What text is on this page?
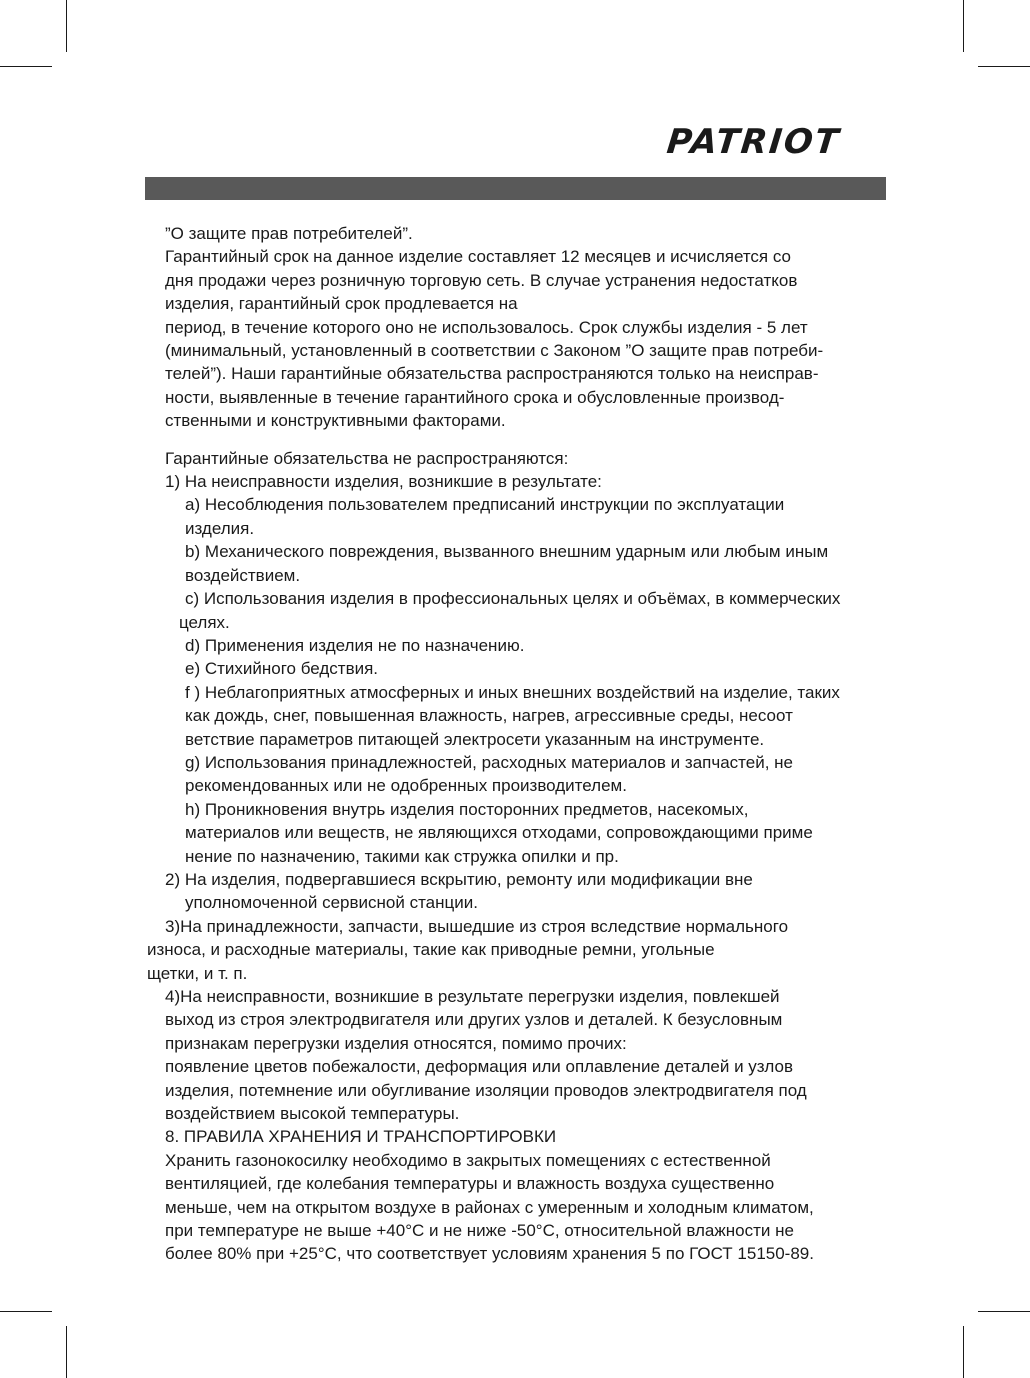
PATRIOT

”О защите прав потребителей”.

Гарантийный срок на данное изделие составляет 12 месяцев и исчисляется со

дня продажи через розничную торговую сеть. В случае устранения недостатков

изделия, гарантийный срок продлевается на

период, в течение которого оно не использовалось. Срок службы изделия - 5 лет

(минимальный, установленный в соответствии с Законом ”О защите прав потреби-

телей”). Наши гарантийные обязательства распространяются только на неисправ-

ности, выявленные в течение гарантийного срока и обусловленные производ-

ственными и конструктивными факторами.

Гарантийные обязательства не распространяются:

1) На неисправности изделия, возникшие в результате:

а) Несоблюдения пользователем предписаний инструкции по эксплуатации

изделия.

b) Механического повреждения, вызванного внешним ударным или любым иным

воздействием.

с) Использования изделия в профессиональных целях и объёмах, в коммерческих

целях.

d) Применения изделия не по назначению.

е) Стихийного бедствия.

f ) Неблагоприятных атмосферных и иных внешних воздействий на изделие, таких

как дождь, снег, повышенная влажность, нагрев, агрессивные среды, несоот

ветствие параметров питающей электросети указанным на инструменте.

g) Использования принадлежностей, расходных материалов и запчастей, не

рекомендованных или не одобренных производителем.

h) Проникновения внутрь изделия посторонних предметов, насекомых,

материалов или веществ, не являющихся отходами, сопровождающими приме

нение по назначению, такими как стружка опилки и пр.

2) На изделия, подвергавшиеся вскрытию, ремонту или модификации вне

уполномоченной сервисной станции.

3)На принадлежности, запчасти, вышедшие из строя вследствие нормального

износа, и расходные материалы, такие как приводные ремни, угольные

щетки, и т. п.

4)На неисправности, возникшие в результате перегрузки изделия, повлекшей

выход из строя электродвигателя или других узлов и деталей. К безусловным

признакам перегрузки изделия относятся, помимо прочих:

появление цветов побежалости, деформация или оплавление деталей и узлов

изделия, потемнение или обугливание изоляции проводов электродвигателя под

воздействием высокой температуры.

8. ПРАВИЛА ХРАНЕНИЯ И ТРАНСПОРТИРОВКИ

Хранить газонокосилку необходимо в закрытых помещениях с естественной

вентиляцией, где колебания температуры и влажность воздуха существенно

меньше, чем на открытом воздухе в районах с умеренным и холодным климатом,

при температуре не выше +40°С и не ниже -50°С, относительной влажности не

более 80% при +25°С, что соответствует условиям хранения 5 по ГОСТ 15150-89.
